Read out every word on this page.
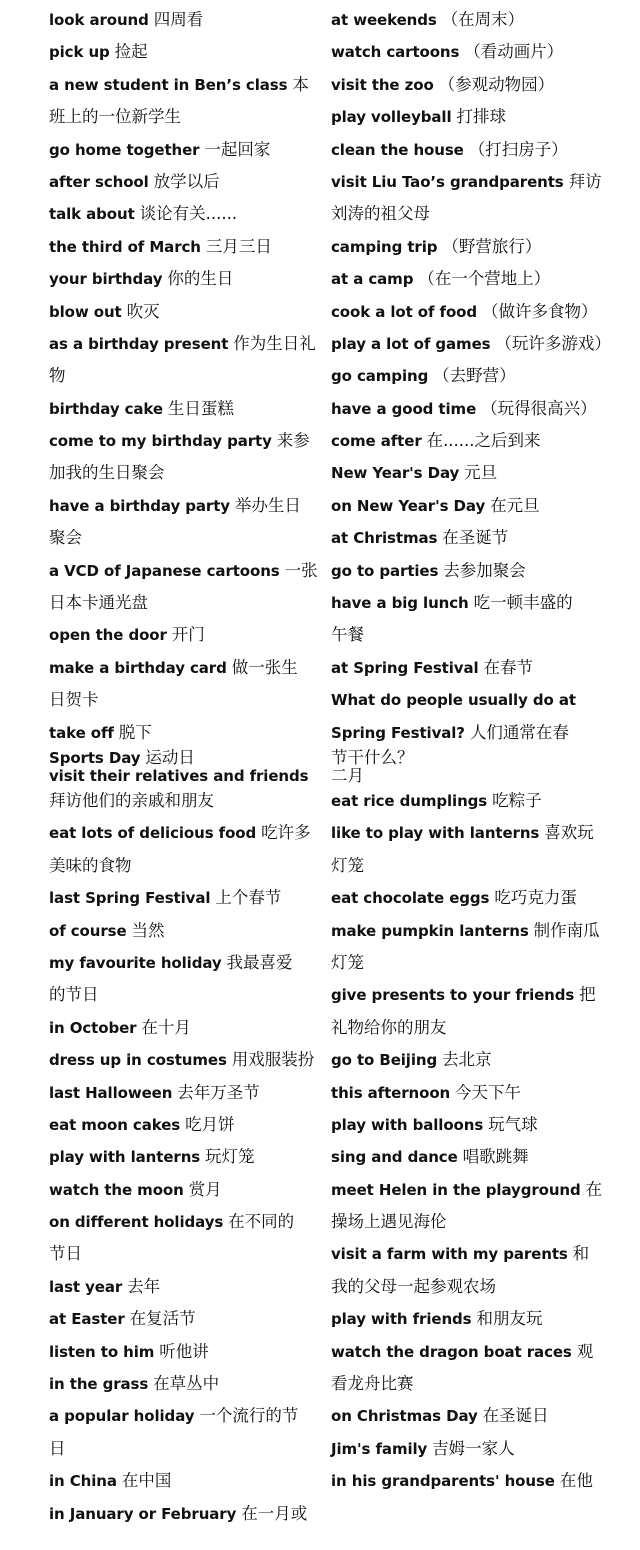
look around 四周看
pick up 捡起
a new student in Ben’s class 本
班上的一位新学生
go home together 一起回家
after school 放学以后
talk about 谈论有关......
the third of March 三月三日
your birthday 你的生日
blow out 吹灭
as a birthday present 作为生日礼
物
birthday cake 生日蛋糕
come to my birthday party 来参
加我的生日聚会
have a birthday party 举办生日
聚会
a VCD of Japanese cartoons 一张
日本卡通光盘
open the door 开门
make a birthday card 做一张生
日贺卡
take off 脱下
Sports Day 运动日
visit their relatives and friends
拜访他们的亲戚和朋友
eat lots of delicious food 吃许多
美味的食物
last Spring Festival 上个春节
of course 当然
my favourite holiday 我最喜爱
的节日
in October 在十月
dress up in costumes 用戏服装扮
last Halloween 去年万圣节
eat moon cakes 吃月饼
play with lanterns 玩灯笼
watch the moon 赏月
on different holidays 在不同的
节日
last year 去年
at Easter 在复活节
listen to him 听他讲
in the grass 在草丛中
a popular holiday 一个流行的节
日
in China 在中国
in January or February 在一月或
at weekends （在周末）
watch cartoons （看动画片）
visit the zoo （参观动物园）
play volleyball 打排球
clean the house （打扫房子）
visit Liu Tao’s grandparents 拜访
刘涛的祖父母
camping trip （野营旅行）
at a camp （在一个营地上）
cook a lot of food （做许多食物）
play a lot of games （玩许多游戏）
go camping （去野营）
have a good time （玩得很高兴）
come after 在......之后到来
New Year's Day 元旦
on New Year's Day 在元旦
at Christmas 在圣诞节
go to parties 去参加聚会
have a big lunch 吃一顿丰盛的
午餐
at Spring Festival 在春节
What do people usually do at
Spring Festival? 人们通常在春
节干什么？
二月
eat rice dumplings 吃粽子
like to play with lanterns 喜欢玩
灯笼
eat chocolate eggs 吃巧克力蛋
make pumpkin lanterns 制作南瓜
灯笼
give presents to your friends 把
礼物给你的朋友
go to Beijing 去北京
this afternoon 今天下午
play with balloons 玩气球
sing and dance 唱歌跳舞
meet Helen in the playground 在
操场上遇见海伦
visit a farm with my parents 和
我的父母一起参观农场
play with friends 和朋友玩
watch the dragon boat races 观
看龙舟比赛
on Christmas Day 在圣诞日
Jim's family 吉姆一家人
in his grandparents' house 在他
